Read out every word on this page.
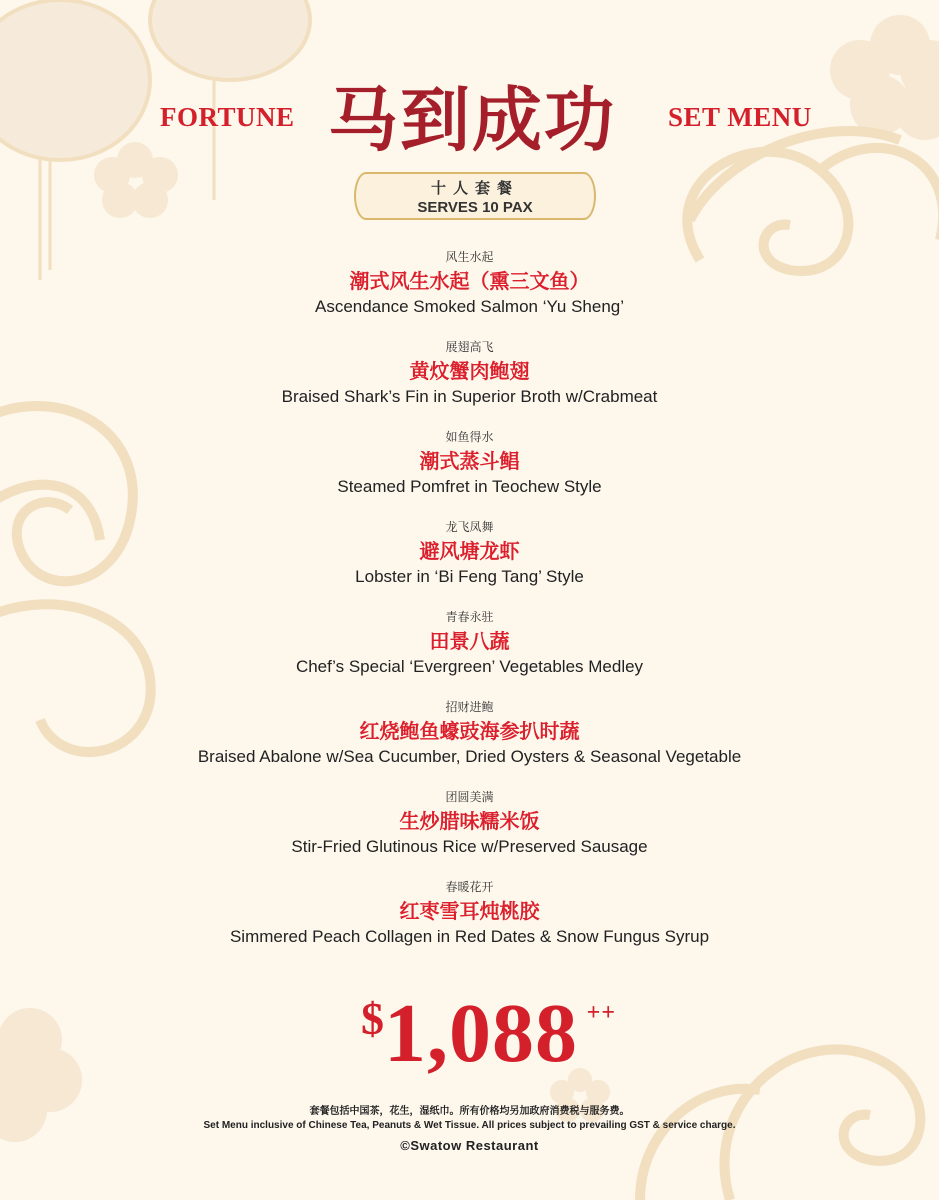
FORTUNE 马到成功	SET MENU
十人套餐
SERVES 10 PAX
风生水起
潮式风生水起（熏三文鱼）
Ascendance Smoked Salmon ‘Yu Sheng’
展翅高飞
黄炆蟹肉鲍翅
Braised Shark’s Fin in Superior Broth w/Crabmeat
如鱼得水
潮式蒸斗鲳
Steamed Pomfret in Teochew Style
龙飞凤舞
避风塘龙虾
Lobster in ‘Bi Feng Tang’ Style
青春永驻
田景八蔬
Chef’s Special ‘Evergreen’ Vegetables Medley
招财进鲍
红烧鲍鱼蠔豉海参扒时蔬
Braised Abalone w/Sea Cucumber, Dried Oysters & Seasonal Vegetable
团圆美满
生炒腊味糯米饭
Stir-Fried Glutinous Rice w/Preserved Sausage
春暖花开
红枣雪耳炖桃胶
Simmered Peach Collagen in Red Dates & Snow Fungus Syrup
$1,088 ++
套餐包括中国茶，花生，湿纸巾。所有价格均另加政府消费税与服务费。
Set Menu inclusive of Chinese Tea, Peanuts & Wet Tissue. All prices subject to prevailing GST & service charge.
©Swatow Restaurant
